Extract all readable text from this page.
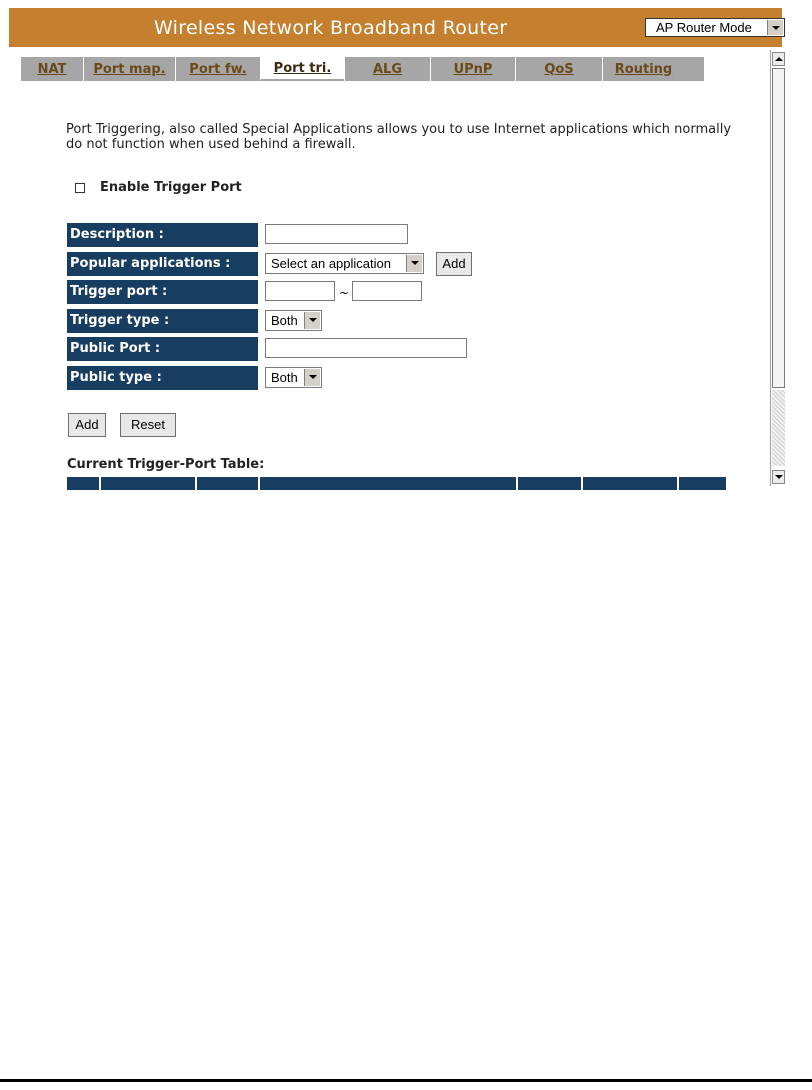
Wireless Network Broadband Router	AP Router Mode
NAT	Port map.	Port fw.	Port tri.	ALG	UPnP	QoS	Routing
Port Triggering, also called Special Applications allows you to use Internet applications which normally do not function when used behind a firewall.
Enable Trigger Port
Description :
Popular applications :	Select an application	Add
Trigger port :	~
Trigger type :	Both
Public Port :
Public type :	Both
Add	Reset
Current Trigger-Port Table:
